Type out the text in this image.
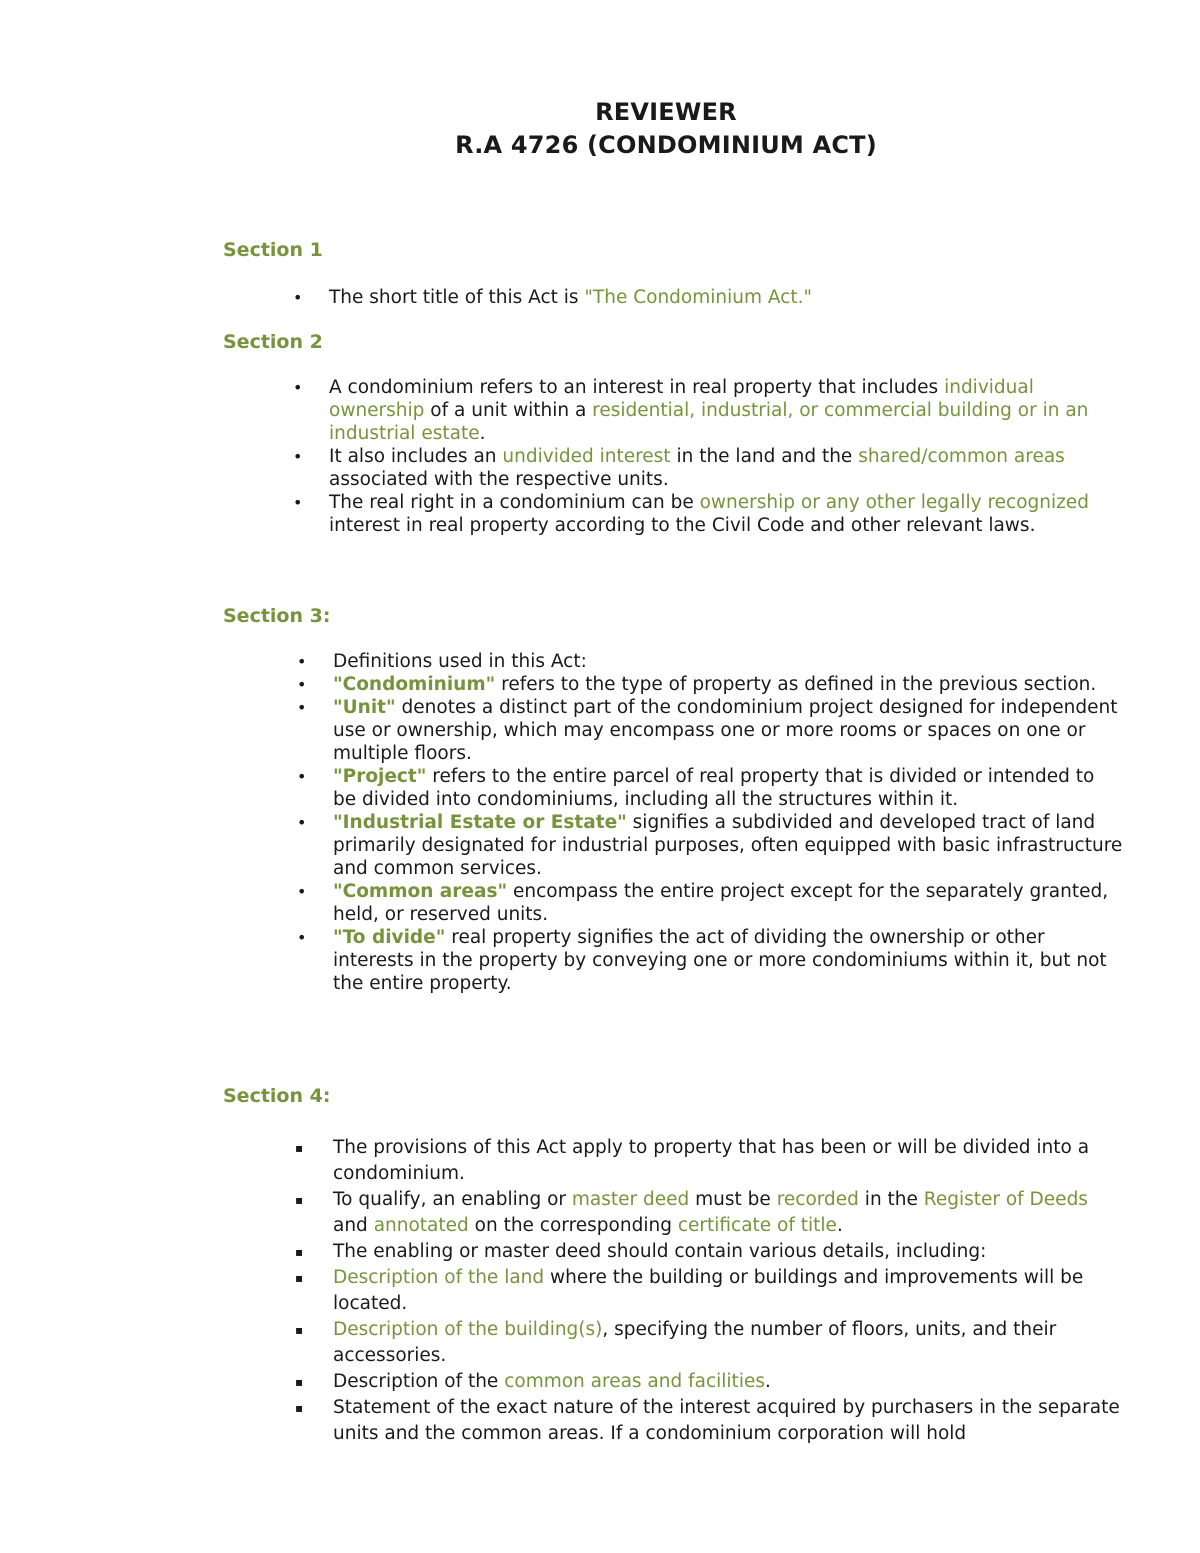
REVIEWER
R.A 4726 (CONDOMINIUM ACT)
Section 1
• The short title of this Act is "The Condominium Act."
Section 2
• A condominium refers to an interest in real property that includes individual ownership of a unit within a residential, industrial, or commercial building or in an industrial estate.
• It also includes an undivided interest in the land and the shared/common areas associated with the respective units.
• The real right in a condominium can be ownership or any other legally recognized interest in real property according to the Civil Code and other relevant laws.
Section 3:
• Definitions used in this Act:
• "Condominium" refers to the type of property as defined in the previous section.
• "Unit" denotes a distinct part of the condominium project designed for independent use or ownership, which may encompass one or more rooms or spaces on one or multiple floors.
• "Project" refers to the entire parcel of real property that is divided or intended to be divided into condominiums, including all the structures within it.
• "Industrial Estate or Estate" signifies a subdivided and developed tract of land primarily designated for industrial purposes, often equipped with basic infrastructure and common services.
• "Common areas" encompass the entire project except for the separately granted, held, or reserved units.
• "To divide" real property signifies the act of dividing the ownership or other interests in the property by conveying one or more condominiums within it, but not the entire property.
Section 4:
▪ The provisions of this Act apply to property that has been or will be divided into a condominium.
▪ To qualify, an enabling or master deed must be recorded in the Register of Deeds and annotated on the corresponding certificate of title.
▪ The enabling or master deed should contain various details, including:
▪ Description of the land where the building or buildings and improvements will be located.
▪ Description of the building(s), specifying the number of floors, units, and their accessories.
▪ Description of the common areas and facilities.
▪ Statement of the exact nature of the interest acquired by purchasers in the separate units and the common areas. If a condominium corporation will hold
